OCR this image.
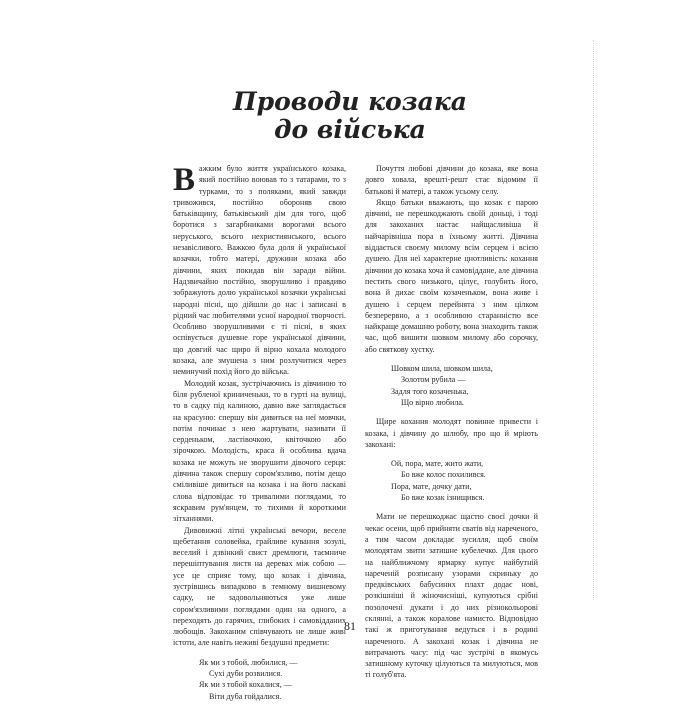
Проводи козака
до війська

Важким було життя українського козака, який постійно воював то з татарами, то з турками, то з поляками, який завжди тривожився, постійно обороняв свою батьківщину, батьківський дім для того, щоб боротися з загарбниками ворогами всього неруського, всього нехристиянського, всього незавісливого. Важкою була доля й української козачки, тобто матері, дружини козака або дівчини, яких покидав він заради війни. Надзвичайно постійно, зворушливо і правдиво зображують долю української козачки українські народні пісні, що дійшли до нас і записані в рідний час любителями усної народної творчості. Особливо зворушливими є ті пісні, в яких оспівується душевне горе української дівчини, що довгий час щиро й вірно кохала молодого козака, але змушена з ним розлучитися через неминучий похід його до війська.

Молодий козак, зустрічаючись із дівчиною то біля рубленої криниченьки, то в гурті на вулиці, то в садку під калиною, давно вже заглядається на красуню: спершу він дивиться на неї мовчки, потім починає з нею жартувати, називати її серденьком, ластівочкою, квіточкою або зірочкою. Молодість, краса й особлива вдача козака не можуть не зворушити дівочого серця: дівчина також спершу сором'язливо, потім дещо сміливіше дивиться на козака і на його ласкаві слова відповідає то тривалими поглядами, то яскравим рум'янцем, то тихими й короткими зітханнями.

Дивовижні літні українські вечори, веселе щебетання соловейка, грайливе кування зозулі, веселий і дзвінкий свист дремлюги, таємниче перешіптування листя на деревах між собою — усе це сприяє тому, що козак і дівчина, зустрівшись випадково в темному вишневому садку, не задовольняються уже лише сором'язливими поглядами один на одного, а переходять до гарячих, глибоких і самовідданих любощів. Закоханим співчувають не лише живі істоти, але навіть неживі бездушні предмети:

Як ми з тобой, любилися, —
Сухі дуби розвилися.
Як ми з тобой кохалися, —
Віти дуба гойдалися.

Почуття любові дівчини до козака, яке вона довго ховала, врешті-решт стає відомим її батькові й матері, а також усьому селу.

Якщо батьки вважають, що козак є парою дівчині, не перешкоджають своїй доньці, і тоді для закоханих настає найщасливіша й найчарівніша пора в їхньому житті. Дівчина віддається своєму милому всім серцем і всією душею. Для неї характерне цнотливість: кохання дівчини до козака хоча й самовіддане, але дівчина пестить свого низького, цілує, голубить його, вона й дихає своїм козаченьком, вона живе і душею і серцем перейнята з ним цілком безперервно, а з особливою старанністю все найкраще домашню роботу, вона знаходить також час, щоб вишити шовком милому або сорочку, або святкову хустку.

Шовком шила, шовком шила,
Золотом рубила —
Задля того козаченька,
Що вірно любила.

Щире кохання молодят повинне привести і козака, і дівчину до шлюбу, про що й мріють закохані:

Ой, пора, мате, жито жати,
Бо вже колос похилився.
Пора, мате, дочку дати,
Бо вже козак ізнищився.

Мати не перешкоджає щастю своєї дочки й чекає осени, щоб прийняти сватів від нареченого, а тим часом докладає зусилля, щоб своїм молодятам звити затишне кубелечко. Для цього на найближчому ярмарку купує найбутній нареченій розписану узорами скриньку до предківських бабусиних плахт додає нові, розкішніші й жіночисніші, купуються срібні позолочені дукати і до них різнокольорові склянні, а також коралове намисто. Відповідно такі ж приготування ведуться і в родині нареченого. А закохані козак і дівчина не витрачають часу: під час зустрічі в якомусь затишному куточку цілуються та милуються, мов ті голуб'ята.

81
